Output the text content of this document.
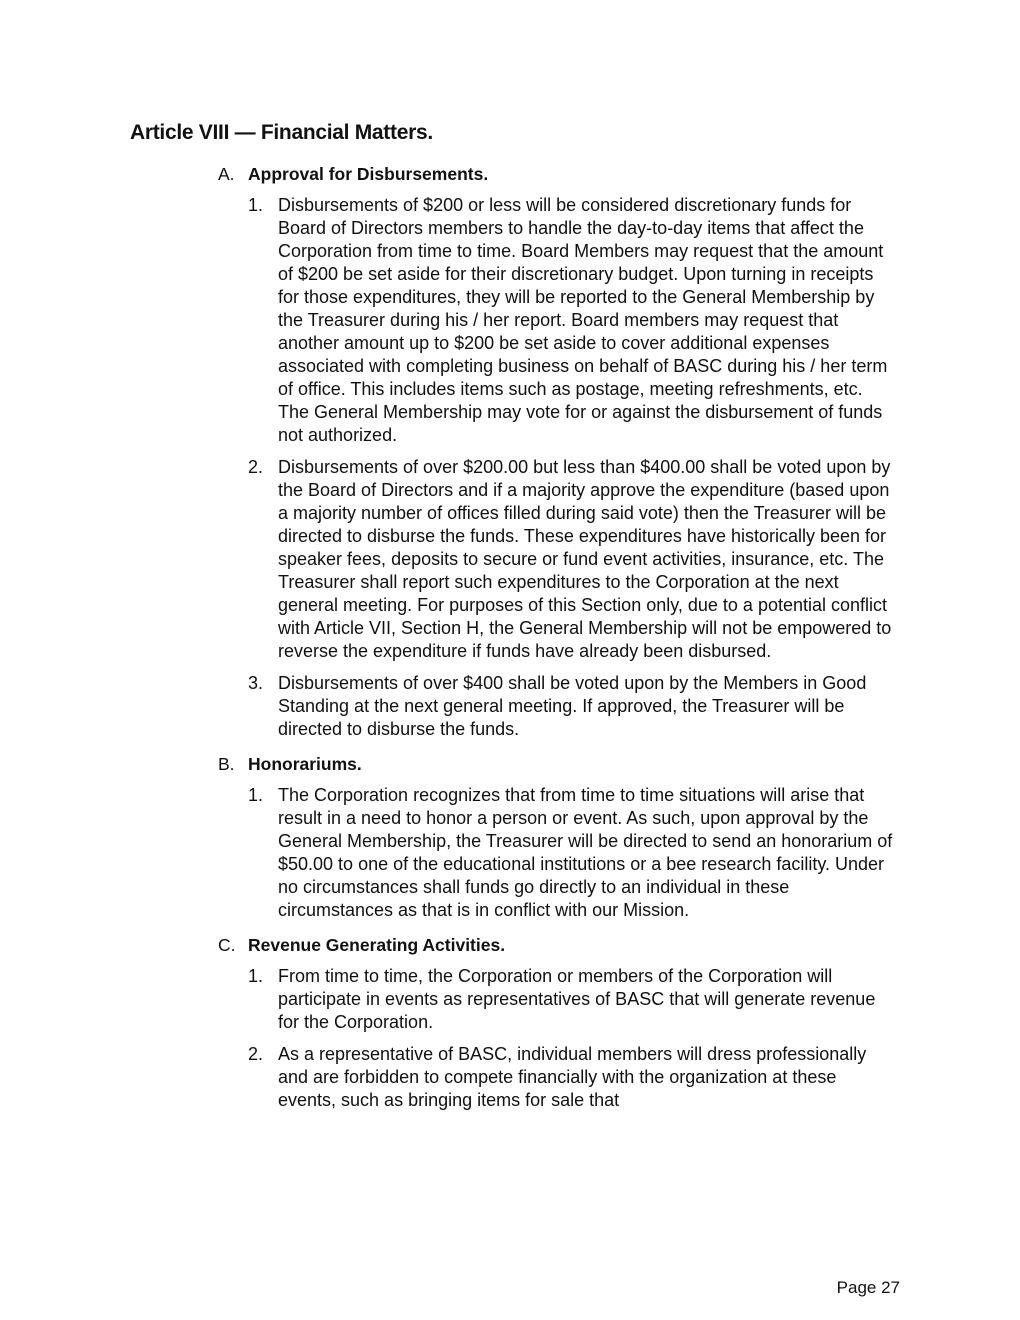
Article VIII — Financial Matters.
A. Approval for Disbursements.
1. Disbursements of $200 or less will be considered discretionary funds for Board of Directors members to handle the day-to-day items that affect the Corporation from time to time. Board Members may request that the amount of $200 be set aside for their discretionary budget. Upon turning in receipts for those expenditures, they will be reported to the General Membership by the Treasurer during his / her report. Board members may request that another amount up to $200 be set aside to cover additional expenses associated with completing business on behalf of BASC during his / her term of office. This includes items such as postage, meeting refreshments, etc. The General Membership may vote for or against the disbursement of funds not authorized.
2. Disbursements of over $200.00 but less than $400.00 shall be voted upon by the Board of Directors and if a majority approve the expenditure (based upon a majority number of offices filled during said vote) then the Treasurer will be directed to disburse the funds. These expenditures have historically been for speaker fees, deposits to secure or fund event activities, insurance, etc. The Treasurer shall report such expenditures to the Corporation at the next general meeting. For purposes of this Section only, due to a potential conflict with Article VII, Section H, the General Membership will not be empowered to reverse the expenditure if funds have already been disbursed.
3. Disbursements of over $400 shall be voted upon by the Members in Good Standing at the next general meeting. If approved, the Treasurer will be directed to disburse the funds.
B. Honorariums.
1. The Corporation recognizes that from time to time situations will arise that result in a need to honor a person or event. As such, upon approval by the General Membership, the Treasurer will be directed to send an honorarium of $50.00 to one of the educational institutions or a bee research facility. Under no circumstances shall funds go directly to an individual in these circumstances as that is in conflict with our Mission.
C. Revenue Generating Activities.
1. From time to time, the Corporation or members of the Corporation will participate in events as representatives of BASC that will generate revenue for the Corporation.
2. As a representative of BASC, individual members will dress professionally and are forbidden to compete financially with the organization at these events, such as bringing items for sale that
Page 27
